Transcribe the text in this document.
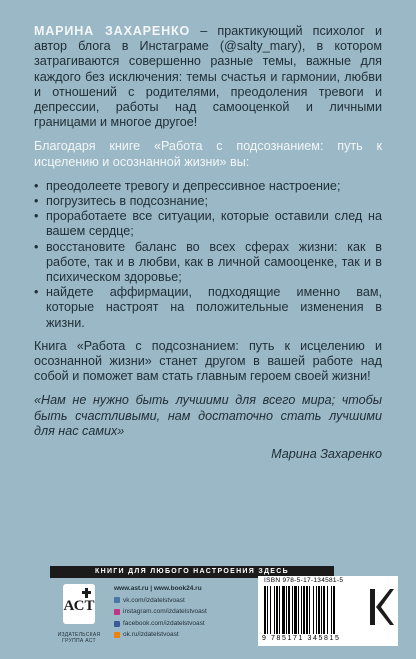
МАРИНА ЗАХАРЕНКО – практикующий психолог и автор блога в Инстаграме (@salty_mary), в котором затрагиваются совершенно разные темы, важные для каждого без исключения: темы счастья и гармонии, любви и отношений с родителями, преодоления тревоги и депрессии, работы над самооценкой и личными границами и многое другое!

Благодаря книге «Работа с подсознанием: путь к исцелению и осознанной жизни» вы:

• преодолеете тревогу и депрессивное настроение;
• погрузитесь в подсознание;
• проработаете все ситуации, которые оставили след на вашем сердце;
• восстановите баланс во всех сферах жизни: как в работе, так и в любви, как в личной самооценке, так и в психическом здоровье;
• найдете аффирмации, подходящие именно вам, которые настроят на положительные изменения в жизни.

Книга «Работа с подсознанием: путь к исцелению и осознанной жизни» станет другом в вашей работе над собой и поможет вам стать главным героем своей жизни!

«Нам не нужно быть лучшими для всего мира; чтобы быть счастливыми, нам достаточно стать лучшими для нас самих»
Марина Захаренко
КНИГИ ДЛЯ ЛЮБОГО НАСТРОЕНИЯ ЗДЕСЬ
АСТ
ИЗДАТЕЛЬСКАЯ ГРУППА АСТ
www.ast.ru | www.book24.ru
vk.com/izdatelstvoast
instagram.com/izdatelstvoast
facebook.com/izdatelstvoast
ok.ru/izdatelstvoast
ISBN 978-5-17-134581-5
9 785171 345815
